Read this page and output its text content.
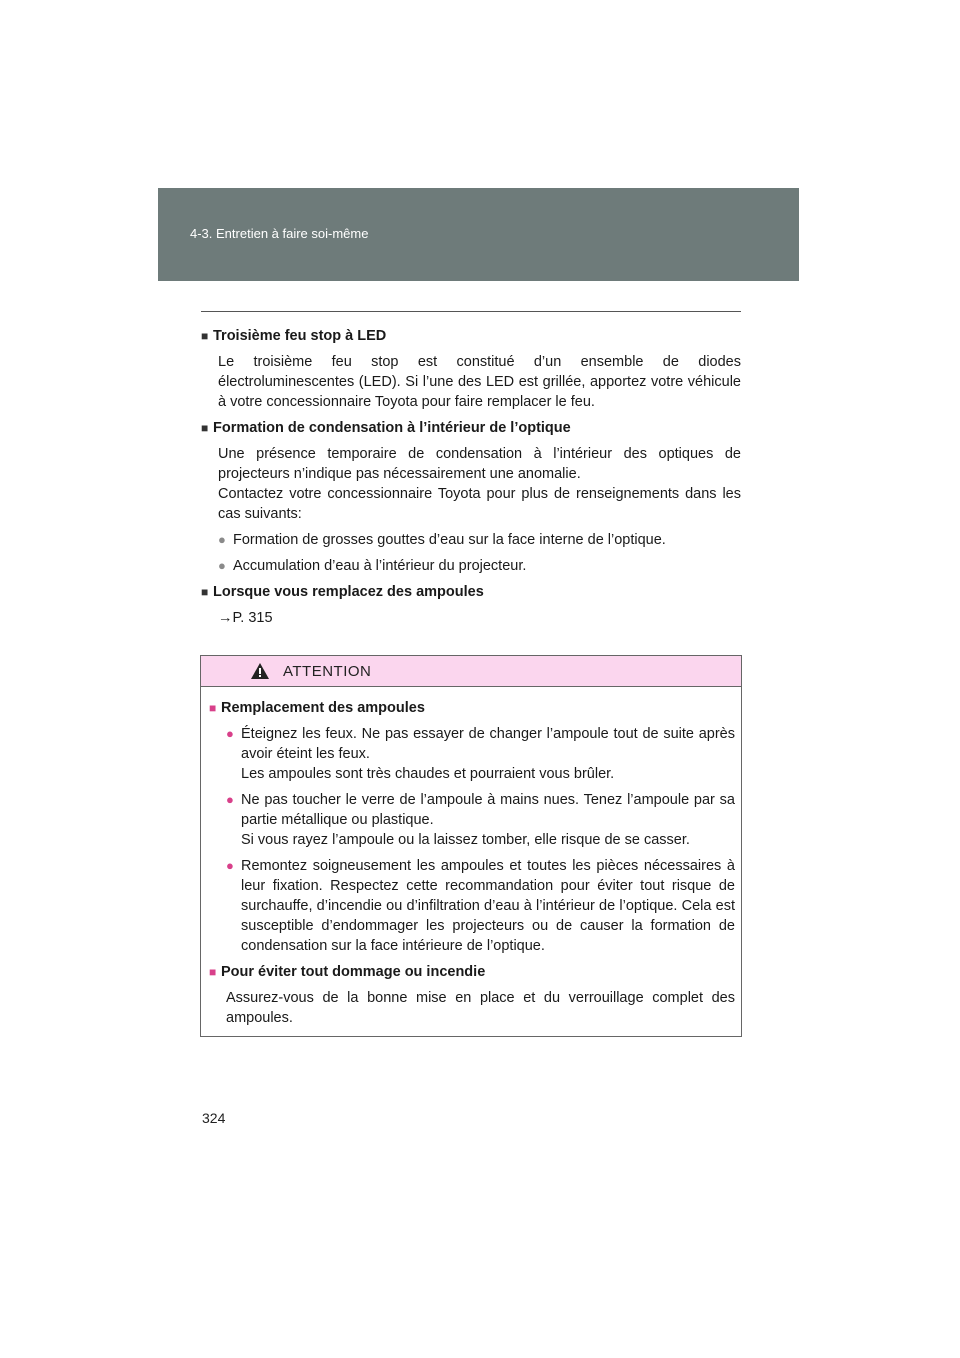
4-3. Entretien à faire soi-même
■ Troisième feu stop à LED
Le troisième feu stop est constitué d’un ensemble de diodes électroluminescentes (LED). Si l’une des LED est grillée, apportez votre véhicule à votre concessionnaire Toyota pour faire remplacer le feu.
■ Formation de condensation à l’intérieur de l’optique
Une présence temporaire de condensation à l’intérieur des optiques de projecteurs n’indique pas nécessairement une anomalie.
Contactez votre concessionnaire Toyota pour plus de renseignements dans les cas suivants:
● Formation de grosses gouttes d’eau sur la face interne de l’optique.
● Accumulation d’eau à l’intérieur du projecteur.
■ Lorsque vous remplacez des ampoules
→P. 315
ATTENTION
■ Remplacement des ampoules
● Éteignez les feux. Ne pas essayer de changer l’ampoule tout de suite après avoir éteint les feux.
Les ampoules sont très chaudes et pourraient vous brûler.
● Ne pas toucher le verre de l’ampoule à mains nues. Tenez l’ampoule par sa partie métallique ou plastique.
Si vous rayez l’ampoule ou la laissez tomber, elle risque de se casser.
● Remontez soigneusement les ampoules et toutes les pièces nécessaires à leur fixation. Respectez cette recommandation pour éviter tout risque de surchauffe, d’incendie ou d’infiltration d’eau à l’intérieur de l’optique. Cela est susceptible d’endommager les projecteurs ou de causer la formation de condensation sur la face intérieure de l’optique.
■ Pour éviter tout dommage ou incendie
Assurez-vous de la bonne mise en place et du verrouillage complet des ampoules.
324
